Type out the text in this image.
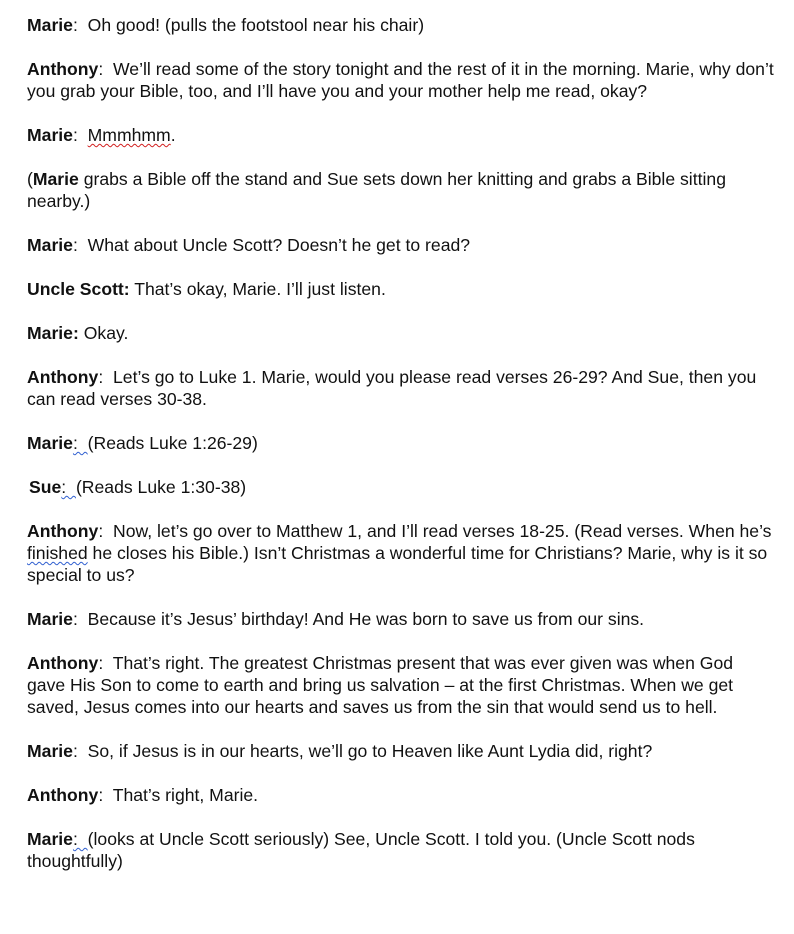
Marie:  Oh good! (pulls the footstool near his chair)

Anthony:  We’ll read some of the story tonight and the rest of it in the morning. Marie, why don’t you grab your Bible, too, and I’ll have you and your mother help me read, okay?

Marie:  Mmmhmm.

(Marie grabs a Bible off the stand and Sue sets down her knitting and grabs a Bible sitting nearby.)

Marie:  What about Uncle Scott? Doesn’t he get to read?

Uncle Scott: That’s okay, Marie. I’ll just listen.

Marie: Okay.

Anthony:  Let’s go to Luke 1. Marie, would you please read verses 26-29? And Sue, then you can read verses 30-38.

Marie:  (Reads Luke 1:26-29)

Sue:  (Reads Luke 1:30-38)

Anthony:  Now, let’s go over to Matthew 1, and I’ll read verses 18-25. (Read verses. When he’s finished he closes his Bible.) Isn’t Christmas a wonderful time for Christians? Marie, why is it so special to us?

Marie:  Because it’s Jesus’ birthday! And He was born to save us from our sins.

Anthony:  That’s right. The greatest Christmas present that was ever given was when God gave His Son to come to earth and bring us salvation – at the first Christmas. When we get saved, Jesus comes into our hearts and saves us from the sin that would send us to hell.

Marie:  So, if Jesus is in our hearts, we’ll go to Heaven like Aunt Lydia did, right?

Anthony:  That’s right, Marie.

Marie:  (looks at Uncle Scott seriously) See, Uncle Scott. I told you. (Uncle Scott nods thoughtfully)
